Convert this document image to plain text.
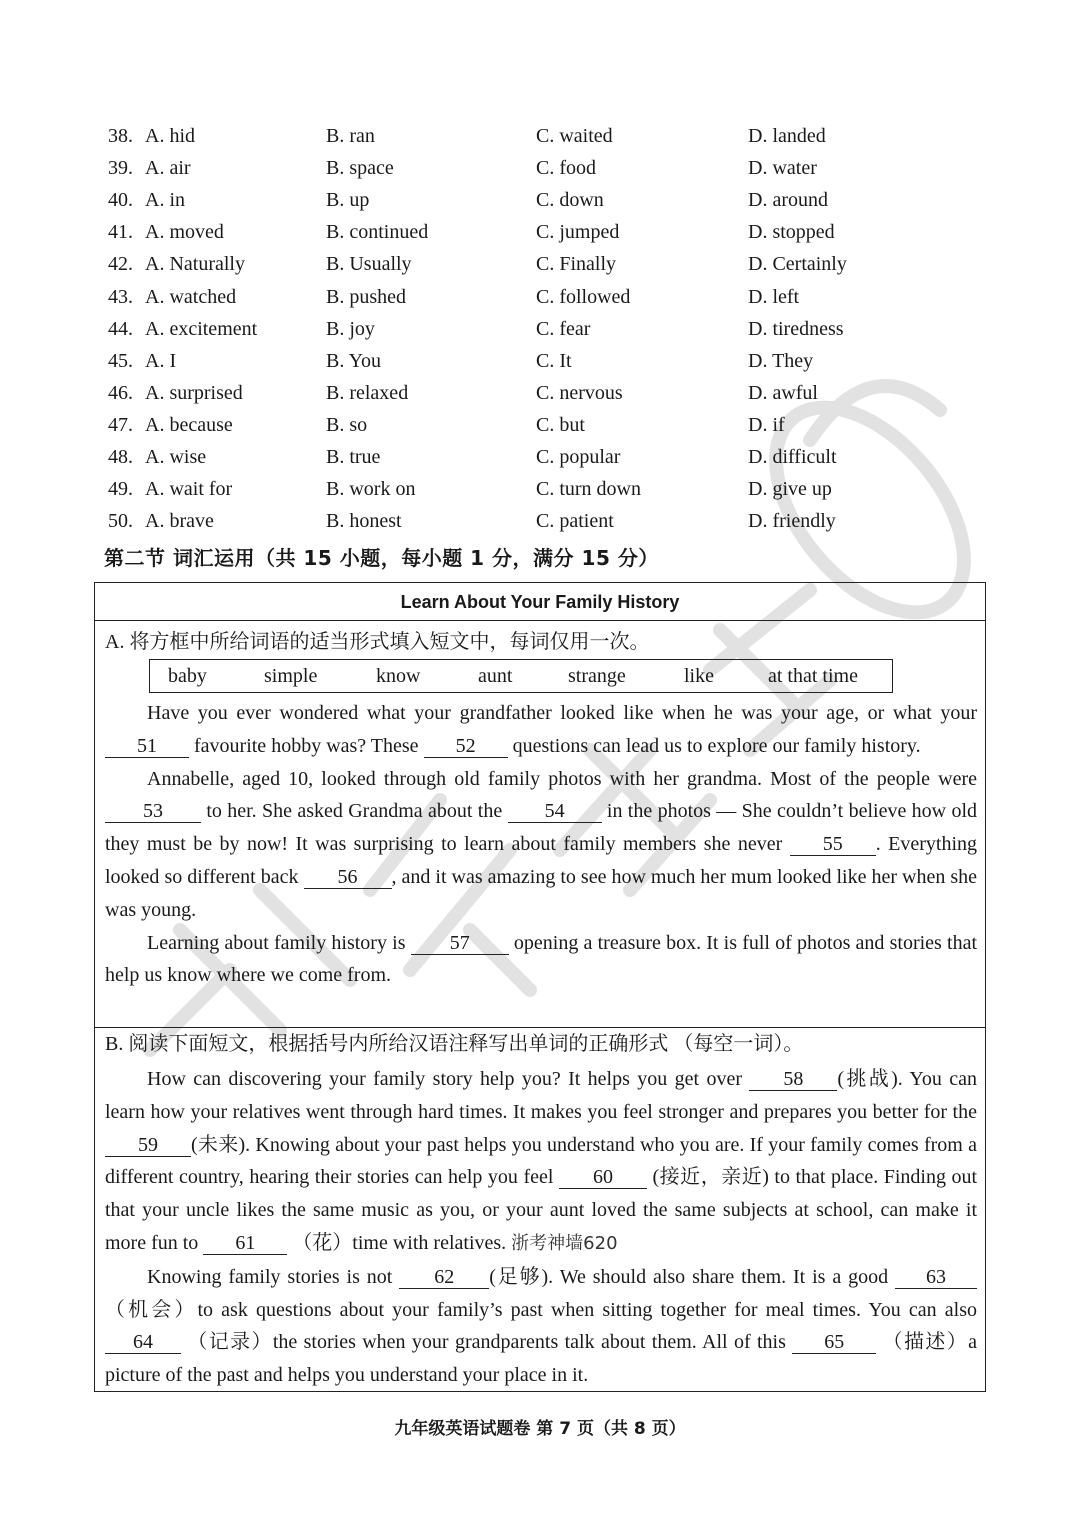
38. A. hid	B. ran	C. waited	D. landed
39. A. air	B. space	C. food	D. water
40. A. in	B. up	C. down	D. around
41. A. moved	B. continued	C. jumped	D. stopped
42. A. Naturally	B. Usually	C. Finally	D. Certainly
43. A. watched	B. pushed	C. followed	D. left
44. A. excitement	B. joy	C. fear	D. tiredness
45. A. I	B. You	C. It	D. They
46. A. surprised	B. relaxed	C. nervous	D. awful
47. A. because	B. so	C. but	D. if
48. A. wise	B. true	C. popular	D. difficult
49. A. wait for	B. work on	C. turn down	D. give up
50. A. brave	B. honest	C. patient	D. friendly
第二节 词汇运用（共 15 小题，每小题 1 分，满分 15 分）
Learn About Your Family History
A. 将方框中所给词语的适当形式填入短文中，每词仅用一次。
baby	simple	know	aunt	strange	like	at that time

Have you ever wondered what your grandfather looked like when he was your age, or what your 51 favourite hobby was? These 52 questions can lead us to explore our family history.

Annabelle, aged 10, looked through old family photos with her grandma. Most of the people were 53 to her. She asked Grandma about the 54 in the photos — She couldn’t believe how old they must be by now! It was surprising to learn about family members she never 55 . Everything looked so different back 56 , and it was amazing to see how much her mum looked like her when she was young.

Learning about family history is 57 opening a treasure box. It is full of photos and stories that help us know where we come from.

B. 阅读下面短文，根据括号内所给汉语注释写出单词的正确形式 （每空一词）。

How can discovering your family story help you? It helps you get over 58 (挑战). You can learn how your relatives went through hard times. It makes you feel stronger and prepares you better for the 59 (未来). Knowing about your past helps you understand who you are. If your family comes from a different country, hearing their stories can help you feel 60 (接近，亲近) to that place. Finding out that your uncle likes the same music as you, or your aunt loved the same subjects at school, can make it more fun to 61 （花）time with relatives. 浙考神墙620

Knowing family stories is not 62 (足够). We should also share them. It is a good 63（机会）to ask questions about your family’s past when sitting together for meal times. You can also 64 （记录）the stories when your grandparents talk about them. All of this 65 （描述）a picture of the past and helps you understand your place in it.

九年级英语试题卷 第 7 页（共 8 页）
